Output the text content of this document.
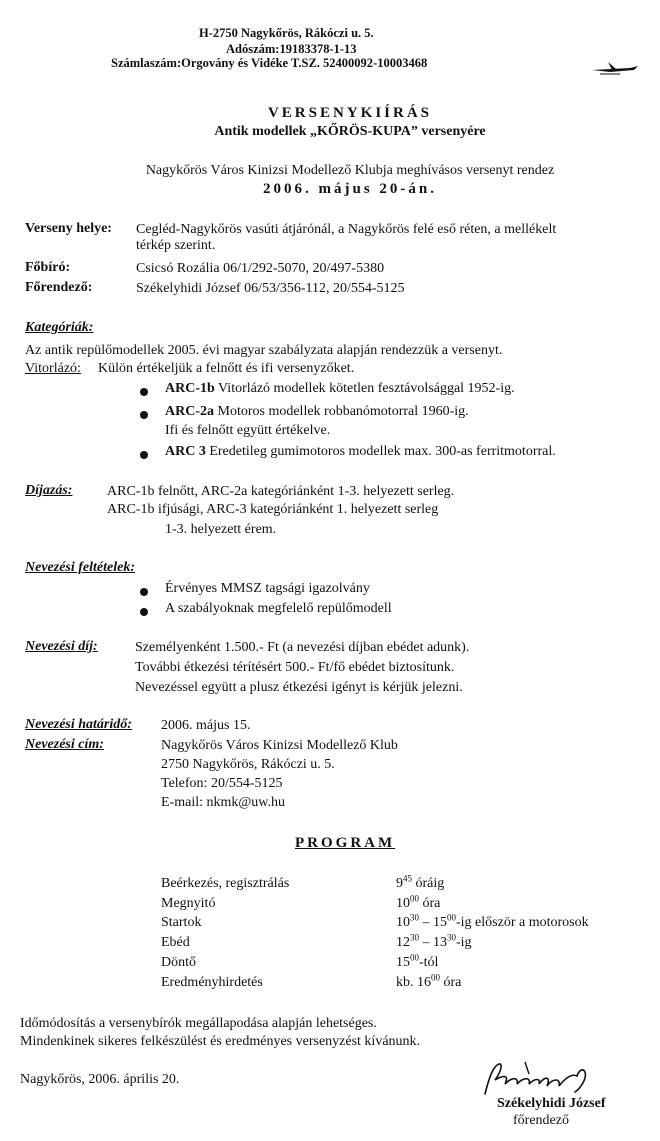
H-2750 Nagykőrös, Rákóczi u. 5.
Adószám:19183378-1-13
Számlaszám:Orgovány és Vidéke T.SZ. 52400092-10003468
VERSENYKIÍRÁS
Antik modellek „KŐRÖS-KUPA” versenyére
Nagykőrös Város Kinizsi Modellező Klubja meghívásos versenyt rendez
2006. május 20-án.
Verseny helye: Cegléd-Nagykőrös vasúti átjárónál, a Nagykőrös felé eső réten, a mellékelt
térkép szerint.
Főbíró:	Csicsó Rozália 06/1/292-5070, 20/497-5380
Főrendező:	Székelyhidi József 06/53/356-112, 20/554-5125
Kategóriák:
Az antik repülőmodellek 2005. évi magyar szabályzata alapján rendezzük a versenyt.
Vitorlázó: Külön értékeljük a felnőtt és ifi versenyzőket.
ARC-1b Vitorlázó modellek kötetlen fesztávolsággal 1952-ig.
ARC-2a Motoros modellek robbanómotorral 1960-ig.
Ifi és felnőtt együtt értékelve.
ARC 3 Eredetileg gumimotoros modellek max. 300-as ferritmotorral.
Díjazás: ARC-1b felnőtt, ARC-2a kategóriánként 1-3. helyezett serleg.
ARC-1b ifjúsági, ARC-3 kategóriánként 1. helyezett serleg
1-3. helyezett érem.
Nevezési feltételek:
Érvényes MMSZ tagsági igazolvány
A szabályoknak megfelelő repülőmodell
Nevezési díj:	Személyenként 1.500.- Ft (a nevezési díjban ebédet adunk).
További étkezési térítésért 500.- Ft/fő ebédet biztosítunk.
Nevezéssel együtt a plusz étkezési igényt is kérjük jelezni.
Nevezési határidő: 2006. május 15.
Nevezési cím:	Nagykőrös Város Kinizsi Modellező Klub
2750 Nagykőrös, Rákóczi u. 5.
Telefon: 20/554-5125
E-mail: nkmk@uw.hu
PROGRAM
Beérkezés, regisztrálás	$9^{45}$ óráig
Megnyitó	$10^{00}$ óra
Startok	$10^{30} - 15^{00}-ig$ először a motorosok
Ebéd	$12^{30} - 13^{30}-ig$
Döntő	$15^{00}$-tól
Eredményhirdetés	kb. $16^{00}$ óra
Időmódosítás a versenybírók megállapodása alapján lehetséges.
Mindenkinek sikeres felkészülést és eredményes versenyzést kívánunk.
Nagykőrös, 2006. április 20.
Székelyhidi József
főrendező
